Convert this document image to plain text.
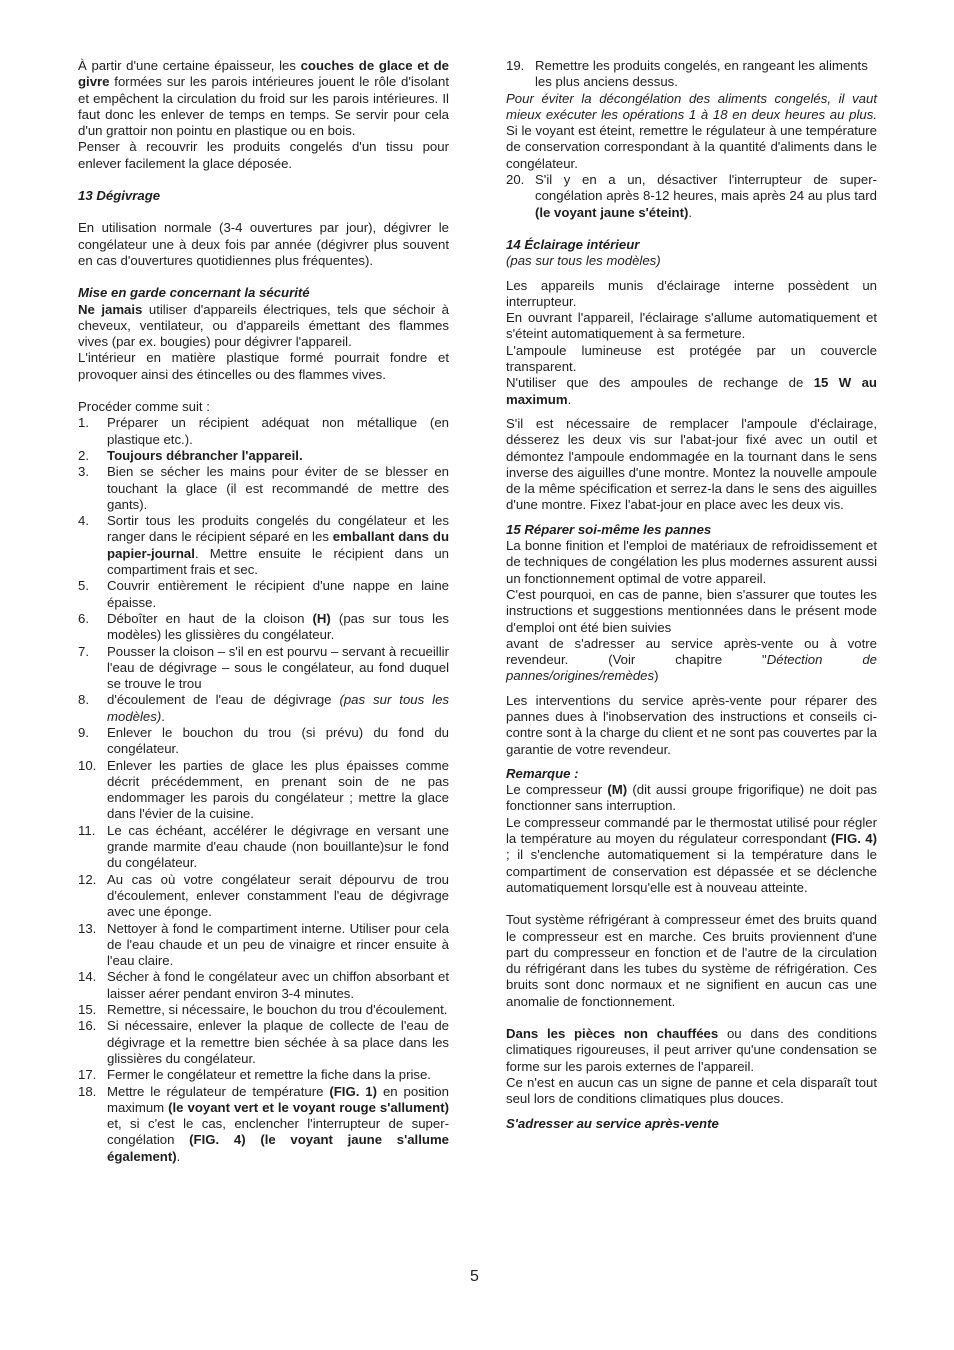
À partir d'une certaine épaisseur, les couches de glace et de givre formées sur les parois intérieures jouent le rôle d'isolant et empêchent la circulation du froid sur les parois intérieures. Il faut donc les enlever de temps en temps. Se servir pour cela d'un grattoir non pointu en plastique ou en bois.

Penser à recouvrir les produits congelés d'un tissu pour enlever facilement la glace déposée.

13 Dégivrage

En utilisation normale (3-4 ouvertures par jour), dégivrer le congélateur une à deux fois par année (dégivrer plus souvent en cas d'ouvertures quotidiennes plus fréquentes).

Mise en garde concernant la sécurité

Ne jamais utiliser d'appareils électriques, tels que séchoir à cheveux, ventilateur, ou d'appareils émettant des flammes vives (par ex. bougies) pour dégivrer l'appareil.

L'intérieur en matière plastique formé pourrait fondre et provoquer ainsi des étincelles ou des flammes vives.

Procéder comme suit :

1. Préparer un récipient adéquat non métallique (en plastique etc.).
2. Toujours débrancher l'appareil.
3. Bien se sécher les mains pour éviter de se blesser en touchant la glace (il est recommandé de mettre des gants).
4. Sortir tous les produits congelés du congélateur et les ranger dans le récipient séparé en les emballant dans du papier-journal. Mettre ensuite le récipient dans un compartiment frais et sec.
5. Couvrir entièrement le récipient d'une nappe en laine épaisse.
6. Déboîter en haut de la cloison (H) (pas sur tous les modèles) les glissières du congélateur.
7. Pousser la cloison – s'il en est pourvu – servant à recueillir l'eau de dégivrage – sous le congélateur, au fond duquel se trouve le trou
8. d'écoulement de l'eau de dégivrage (pas sur tous les modèles).
9. Enlever le bouchon du trou (si prévu) du fond du congélateur.
10. Enlever les parties de glace les plus épaisses comme décrit précédemment, en prenant soin de ne pas endommager les parois du congélateur ; mettre la glace dans l'évier de la cuisine.
11. Le cas échéant, accélérer le dégivrage en versant une grande marmite d'eau chaude (non bouillante)sur le fond du congélateur.
12. Au cas où votre congélateur serait dépourvu de trou d'écoulement, enlever constamment l'eau de dégivrage avec une éponge.
13. Nettoyer à fond le compartiment interne. Utiliser pour cela de l'eau chaude et un peu de vinaigre et rincer ensuite à l'eau claire.
14. Sécher à fond le congélateur avec un chiffon absorbant et laisser aérer pendant environ 3-4 minutes.
15. Remettre, si nécessaire, le bouchon du trou d'écoulement.
16. Si nécessaire, enlever la plaque de collecte de l'eau de dégivrage et la remettre bien séchée à sa place dans les glissières du congélateur.
17. Fermer le congélateur et remettre la fiche dans la prise.
18. Mettre le régulateur de température (FIG. 1) en position maximum (le voyant vert et le voyant rouge s'allument) et, si c'est le cas, enclencher l'interrupteur de super-congélation (FIG. 4) (le voyant jaune s'allume également).
19. Remettre les produits congelés, en rangeant les aliments
les plus anciens dessus.

Pour éviter la décongélation des aliments congelés, il vaut mieux exécuter les opérations 1 à 18 en deux heures au plus. Si le voyant est éteint, remettre le régulateur à une température de conservation correspondant à la quantité d'aliments dans le congélateur.

20. S'il y en a un, désactiver l'interrupteur de super-congélation après 8-12 heures, mais après 24 au plus tard (le voyant jaune s'éteint).

14 Éclairage intérieur

(pas sur tous les modèles)

Les appareils munis d'éclairage interne possèdent un interrupteur.

En ouvrant l'appareil, l'éclairage s'allume automatiquement et s'éteint automatiquement à sa fermeture.

L'ampoule lumineuse est protégée par un couvercle transparent.

N'utiliser que des ampoules de rechange de 15 W au maximum.

S'il est nécessaire de remplacer l'ampoule d'éclairage, désserez les deux vis sur l'abat-jour fixé avec un outil et démontez l'ampoule endommagée en la tournant dans le sens inverse des aiguilles d'une montre. Montez la nouvelle ampoule de la même spécification et serrez-la dans le sens des aiguilles d'une montre. Fixez l'abat-jour en place avec les deux vis.

15 Réparer soi-même les pannes

La bonne finition et l'emploi de matériaux de refroidissement et de techniques de congélation les plus modernes assurent aussi un fonctionnement optimal de votre appareil.

C'est pourquoi, en cas de panne, bien s'assurer que toutes les instructions et suggestions mentionnées dans le présent mode d'emploi ont été bien suivies

avant de s'adresser au service après-vente ou à votre revendeur. (Voir chapitre "Détection de pannes/origines/remèdes)

Les interventions du service après-vente pour réparer des pannes dues à l'inobservation des instructions et conseils ci-contre sont à la charge du client et ne sont pas couvertes par la garantie de votre revendeur.

Remarque :

Le compresseur (M) (dit aussi groupe frigorifique) ne doit pas fonctionner sans interruption.

Le compresseur commandé par le thermostat utilisé pour régler la température au moyen du régulateur correspondant (FIG. 4) ; il s'enclenche automatiquement si la température dans le compartiment de conservation est dépassée et se déclenche automatiquement lorsqu'elle est à nouveau atteinte.

Tout système réfrigérant à compresseur émet des bruits quand le compresseur est en marche. Ces bruits proviennent d'une part du compresseur en fonction et de l'autre de la circulation du réfrigérant dans les tubes du système de réfrigération. Ces bruits sont donc normaux et ne signifient en aucun cas une anomalie de fonctionnement.

Dans les pièces non chauffées ou dans des conditions climatiques rigoureuses, il peut arriver qu'une condensation se forme sur les parois externes de l'appareil.

Ce n'est en aucun cas un signe de panne et cela disparaît tout seul lors de conditions climatiques plus douces.

S'adresser au service après-vente

5
